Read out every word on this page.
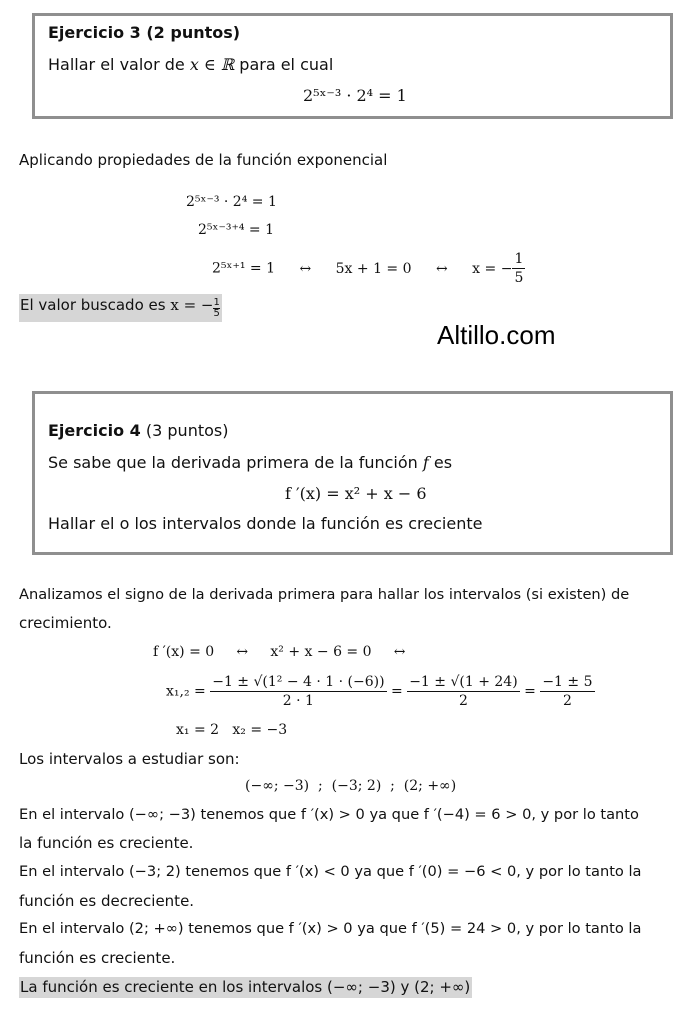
Ejercicio 3 (2 puntos)
Hallar el valor de x ∈ ℝ para el cual
2⁵ˣ⁻³ · 2⁴ = 1
Aplicando propiedades de la función exponencial
2⁵ˣ⁻³ · 2⁴ = 1
2⁵ˣ⁻³⁺⁴ = 1
2⁵ˣ⁺¹ = 1 ↔ 5x + 1 = 0 ↔ x = − $\frac{1}{5}$
El valor buscado es x = − $\frac{1}{5}$
Altillo.com
Ejercicio 4 (3 puntos)
Se sabe que la derivada primera de la función f es
f ′(x) = x² + x − 6
Hallar el o los intervalos donde la función es creciente
Analizamos el signo de la derivada primera para hallar los intervalos (si existen) de
crecimiento.
f ′(x) = 0     ↔     x² + x − 6 = 0     ↔
$x_1,_2 = \frac{\text{−1 ± √(1² − 4 · 1 · (−6))}}{2 \cdot 1} = \frac{-1 \pm √(1 + 24)}{2} = \frac{-1 \pm 5}{2}$
x₁ = 2   x₂ = −3
Los intervalos a estudiar son:
(−∞; −3)  ;  (−3; 2)  ;  (2; +∞)
En el intervalo (−∞; −3) tenemos que f ′(x) > 0 ya que f ′(−4) = 6 > 0, y por lo tanto
la función es creciente.
En el intervalo (−3; 2) tenemos que f ′(x) < 0 ya que f ′(0) = −6 < 0, y por lo tanto la
función es decreciente.
En el intervalo (2; +∞) tenemos que f ′(x) > 0 ya que f ′(5) = 24 > 0, y por lo tanto la
función es creciente.
La función es creciente en los intervalos (−∞; −3) y (2; +∞)
